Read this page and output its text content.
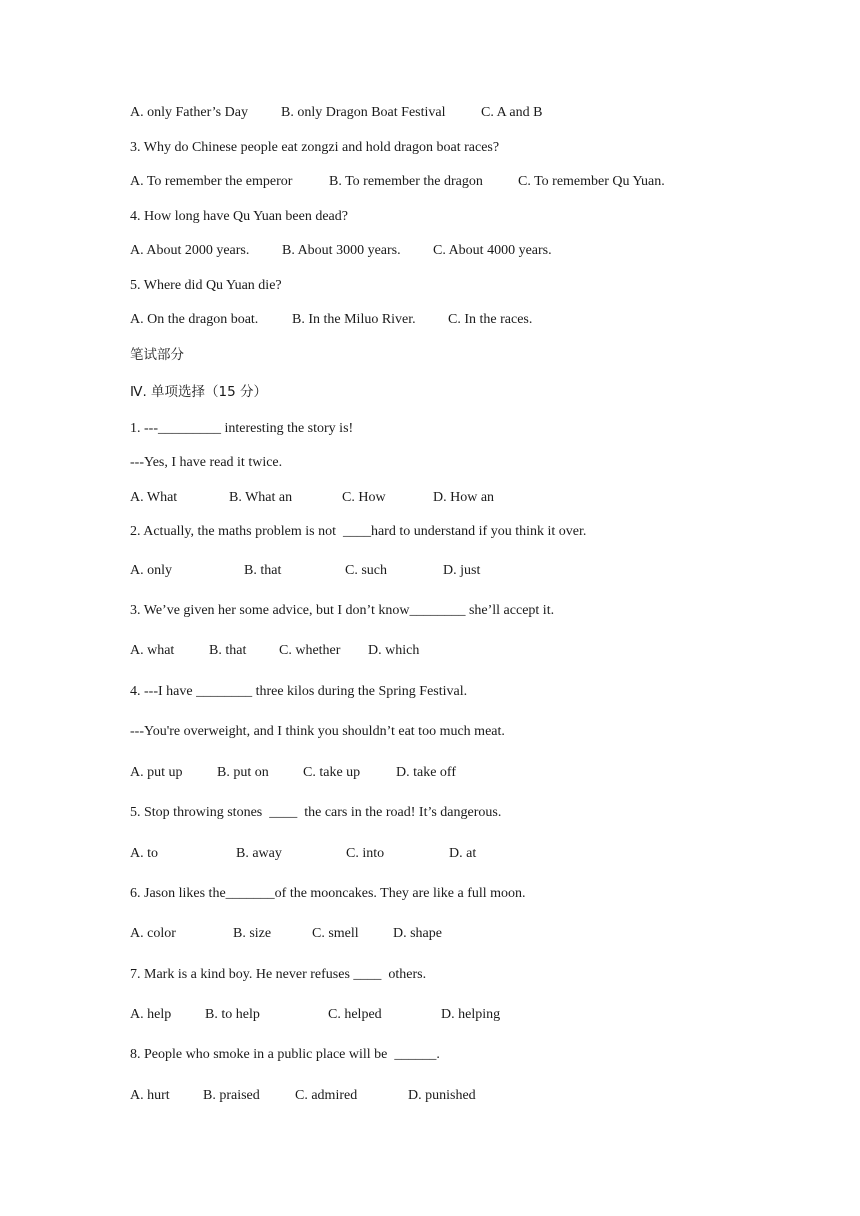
A. only Father’s Day B. only Dragon Boat Festival	C. A and B
3. Why do Chinese people eat zongzi and hold dragon boat races?
A. To remember the emperor	B. To remember the dragon	C. To remember Qu Yuan.
4. How long have Qu Yuan been dead?
A. About 2000 years. B. About 3000 years. C. About 4000 years.
5. Where did Qu Yuan die?
A. On the dragon boat. B. In the Miluo River. C. In the races.
笔试部分
Ⅳ. 单项选择（15 分）
1. ---_________ interesting the story is!
---Yes, I have read it twice.
A. What	B. What an	C. How	D. How an
2. Actually, the maths problem is not  ____hard to understand if you think it over.
A. only	B. that	C. such	D. just
3. We’ve given her some advice, but I don’t know________ she’ll accept it.
A. what B. that C. whether D. which
4. ---I have ________ three kilos during the Spring Festival.
---You're overweight, and I think you shouldn’t eat too much meat.
A. put up B. put on C. take up	D. take off
5. Stop throwing stones  ____  the cars in the road! It’s dangerous.
A. to	B. away	C. into	D. at
6. Jason likes the_______of the mooncakes. They are like a full moon.
A. color	B. size	C. smell D. shape
7. Mark is a kind boy. He never refuses ____  others.
A. help B. to help	C. helped	D. helping
8. People who smoke in a public place will be  ______.
A. hurt B. praised	C. admired	D. punished
